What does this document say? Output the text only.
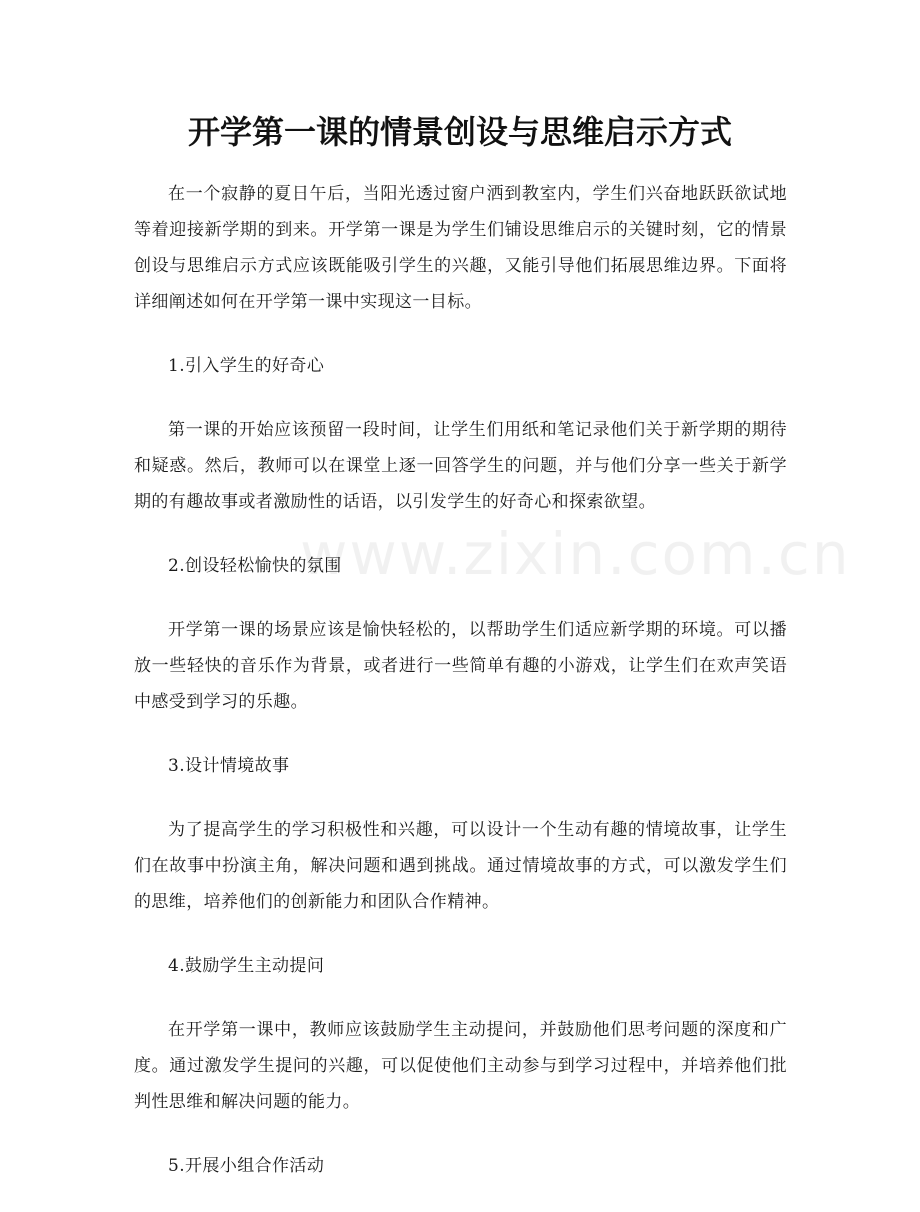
www.zixin.com.cn
开学第一课的情景创设与思维启示方式

在一个寂静的夏日午后，当阳光透过窗户洒到教室内，学生们兴奋地跃跃欲试地等着迎接新学期的到来。开学第一课是为学生们铺设思维启示的关键时刻，它的情景创设与思维启示方式应该既能吸引学生的兴趣，又能引导他们拓展思维边界。下面将详细阐述如何在开学第一课中实现这一目标。

1.引入学生的好奇心

第一课的开始应该预留一段时间，让学生们用纸和笔记录他们关于新学期的期待和疑惑。然后，教师可以在课堂上逐一回答学生的问题，并与他们分享一些关于新学期的有趣故事或者激励性的话语，以引发学生的好奇心和探索欲望。

2.创设轻松愉快的氛围

开学第一课的场景应该是愉快轻松的，以帮助学生们适应新学期的环境。可以播放一些轻快的音乐作为背景，或者进行一些简单有趣的小游戏，让学生们在欢声笑语中感受到学习的乐趣。

3.设计情境故事

为了提高学生的学习积极性和兴趣，可以设计一个生动有趣的情境故事，让学生们在故事中扮演主角，解决问题和遇到挑战。通过情境故事的方式，可以激发学生们的思维，培养他们的创新能力和团队合作精神。

4.鼓励学生主动提问

在开学第一课中，教师应该鼓励学生主动提问，并鼓励他们思考问题的深度和广度。通过激发学生提问的兴趣，可以促使他们主动参与到学习过程中，并培养他们批判性思维和解决问题的能力。

5.开展小组合作活动
